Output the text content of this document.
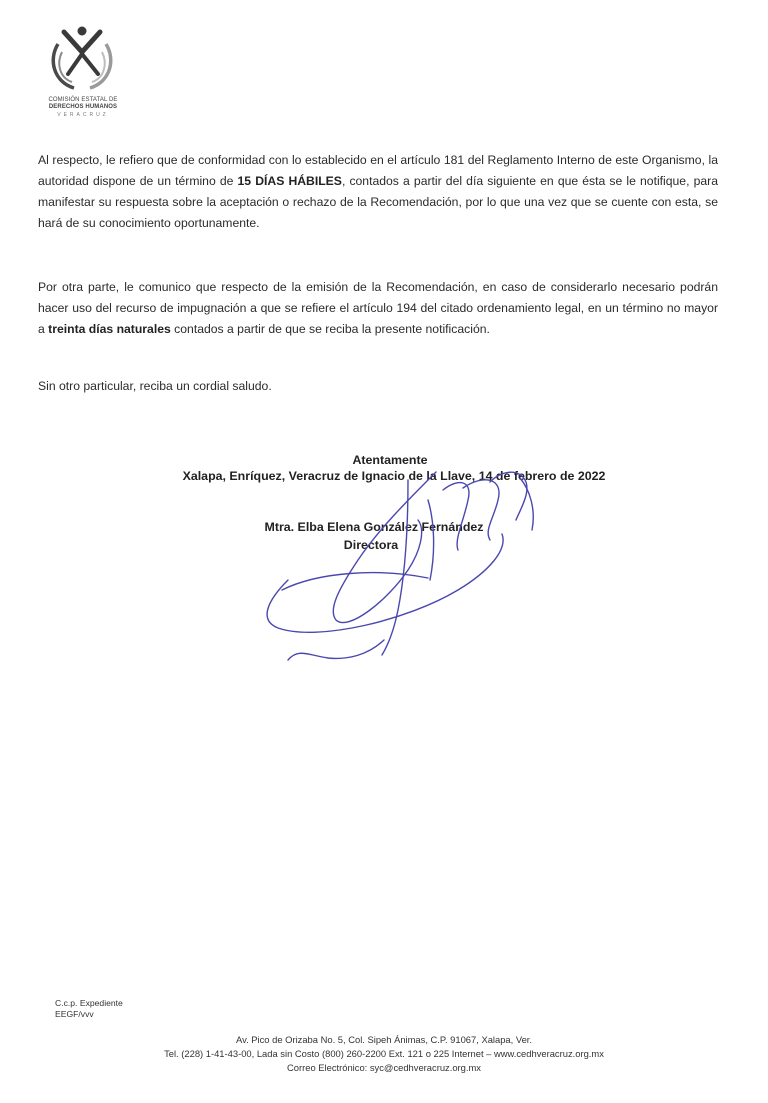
COMISIÓN ESTATAL DE
DERECHOS HUMANOS
VERACRUZ
Al respecto, le refiero que de conformidad con lo establecido en el artículo 181 del Reglamento Interno de este Organismo, la autoridad dispone de un término de 15 DÍAS HÁBILES, contados a partir del día siguiente en que ésta se le notifique, para manifestar su respuesta sobre la aceptación o rechazo de la Recomendación, por lo que una vez que se cuente con esta, se hará de su conocimiento oportunamente.
Por otra parte, le comunico que respecto de la emisión de la Recomendación, en caso de considerarlo necesario podrán hacer uso del recurso de impugnación a que se refiere el artículo 194 del citado ordenamiento legal, en un término no mayor a treinta días naturales contados a partir de que se reciba la presente notificación.
Sin otro particular, reciba un cordial saludo.
Atentamente
Xalapa, Enríquez, Veracruz de Ignacio de la Llave, 14 de febrero de 2022
Mtra. Elba Elena González Fernández
Directora
C.c.p. Expediente
EEGF/vvv
Av. Pico de Orizaba No. 5, Col. Sipeh Ánimas, C.P. 91067, Xalapa, Ver.
Tel. (228) 1-41-43-00, Lada sin Costo (800) 260-2200 Ext. 121 o 225 Internet – www.cedhveracruz.org.mx
Correo Electrónico: syc@cedhveracruz.org.mx
